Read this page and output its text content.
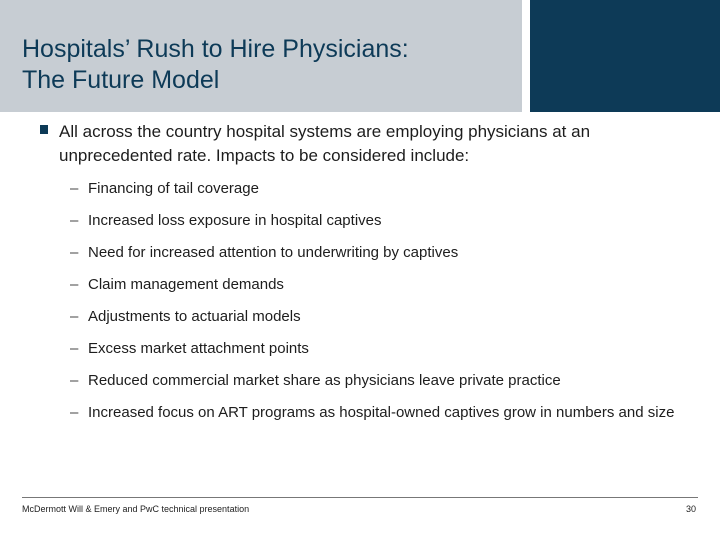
Hospitals’ Rush to Hire Physicians:
The Future Model

All across the country hospital systems are employing physicians at an unprecedented rate. Impacts to be considered include:

– Financing of tail coverage
– Increased loss exposure in hospital captives
– Need for increased attention to underwriting by captives
– Claim management demands
– Adjustments to actuarial models
– Excess market attachment points
– Reduced commercial market share as physicians leave private practice
– Increased focus on ART programs as hospital-owned captives grow in numbers and size
McDermott Will & Emery and PwC technical presentation	30
